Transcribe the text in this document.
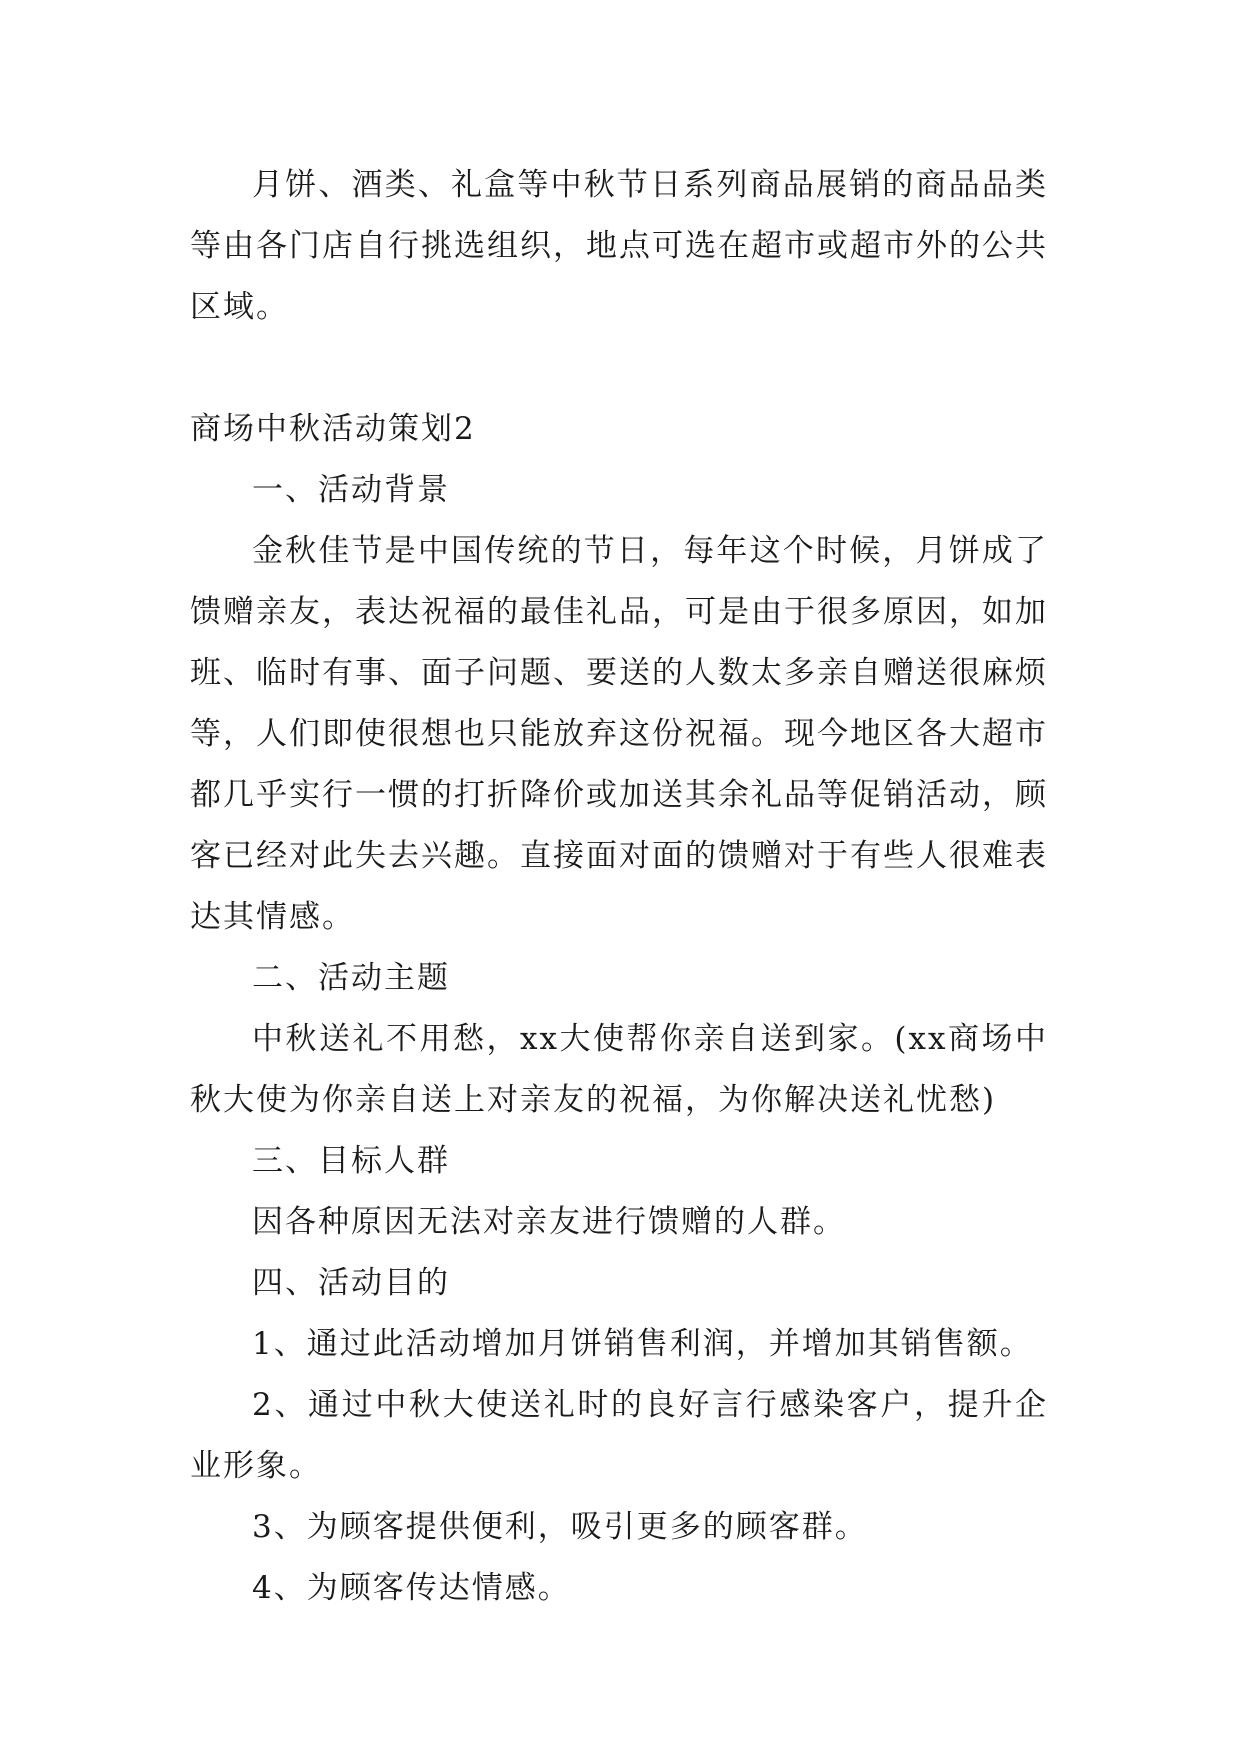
月饼、酒类、礼盒等中秋节日系列商品展销的商品品类等由各门店自行挑选组织，地点可选在超市或超市外的公共区域。

商场中秋活动策划2

一、活动背景

金秋佳节是中国传统的节日，每年这个时候，月饼成了馈赠亲友，表达祝福的最佳礼品，可是由于很多原因，如加班、临时有事、面子问题、要送的人数太多亲自赠送很麻烦等，人们即使很想也只能放弃这份祝福。现今地区各大超市都几乎实行一惯的打折降价或加送其余礼品等促销活动，顾客已经对此失去兴趣。直接面对面的馈赠对于有些人很难表达其情感。

二、活动主题

中秋送礼不用愁，xx大使帮你亲自送到家。(xx商场中秋大使为你亲自送上对亲友的祝福，为你解决送礼忧愁)

三、目标人群

因各种原因无法对亲友进行馈赠的人群。

四、活动目的

1、通过此活动增加月饼销售利润，并增加其销售额。

2、通过中秋大使送礼时的良好言行感染客户，提升企业形象。

3、为顾客提供便利，吸引更多的顾客群。

4、为顾客传达情感。
